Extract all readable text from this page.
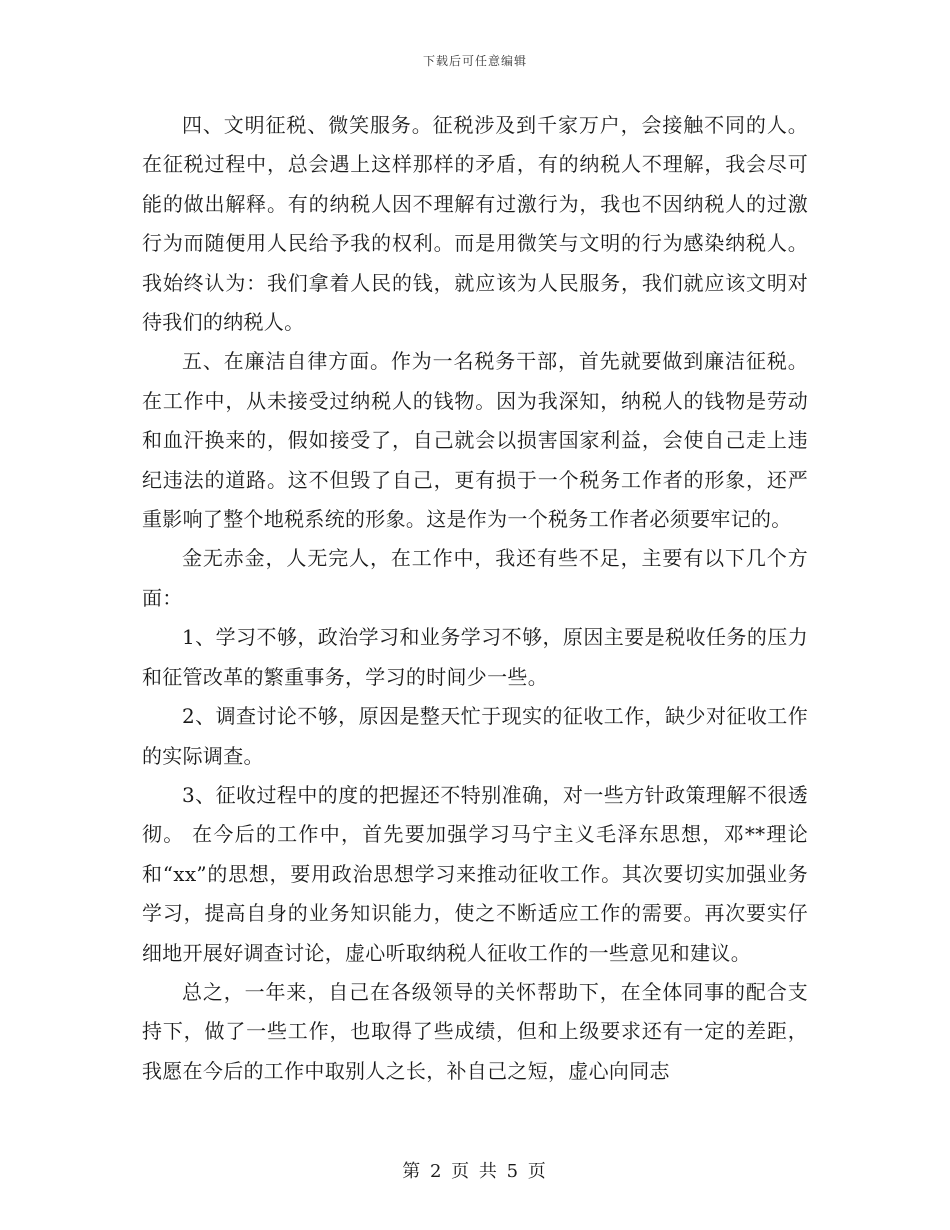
下载后可任意编辑

四、文明征税、微笑服务。征税涉及到千家万户，会接触不同的人。在征税过程中，总会遇上这样那样的矛盾，有的纳税人不理解，我会尽可能的做出解释。有的纳税人因不理解有过激行为，我也不因纳税人的过激行为而随便用人民给予我的权利。而是用微笑与文明的行为感染纳税人。我始终认为：我们拿着人民的钱，就应该为人民服务，我们就应该文明对待我们的纳税人。

五、在廉洁自律方面。作为一名税务干部，首先就要做到廉洁征税。在工作中，从未接受过纳税人的钱物。因为我深知，纳税人的钱物是劳动和血汗换来的，假如接受了，自己就会以损害国家利益，会使自己走上违纪违法的道路。这不但毁了自己，更有损于一个税务工作者的形象，还严重影响了整个地税系统的形象。这是作为一个税务工作者必须要牢记的。

金无赤金，人无完人，在工作中，我还有些不足，主要有以下几个方面：

1、学习不够，政治学习和业务学习不够，原因主要是税收任务的压力和征管改革的繁重事务，学习的时间少一些。

2、调查讨论不够，原因是整天忙于现实的征收工作，缺少对征收工作的实际调查。

3、征收过程中的度的把握还不特别准确，对一些方针政策理解不很透彻。 在今后的工作中，首先要加强学习马宁主义毛泽东思想，邓**理论和“xx”的思想，要用政治思想学习来推动征收工作。其次要切实加强业务学习，提高自身的业务知识能力，使之不断适应工作的需要。再次要实仔细地开展好调查讨论，虚心听取纳税人征收工作的一些意见和建议。

总之，一年来，自己在各级领导的关怀帮助下，在全体同事的配合支持下，做了一些工作，也取得了些成绩，但和上级要求还有一定的差距，我愿在今后的工作中取别人之长，补自己之短，虚心向同志

第 2 页 共 5 页
